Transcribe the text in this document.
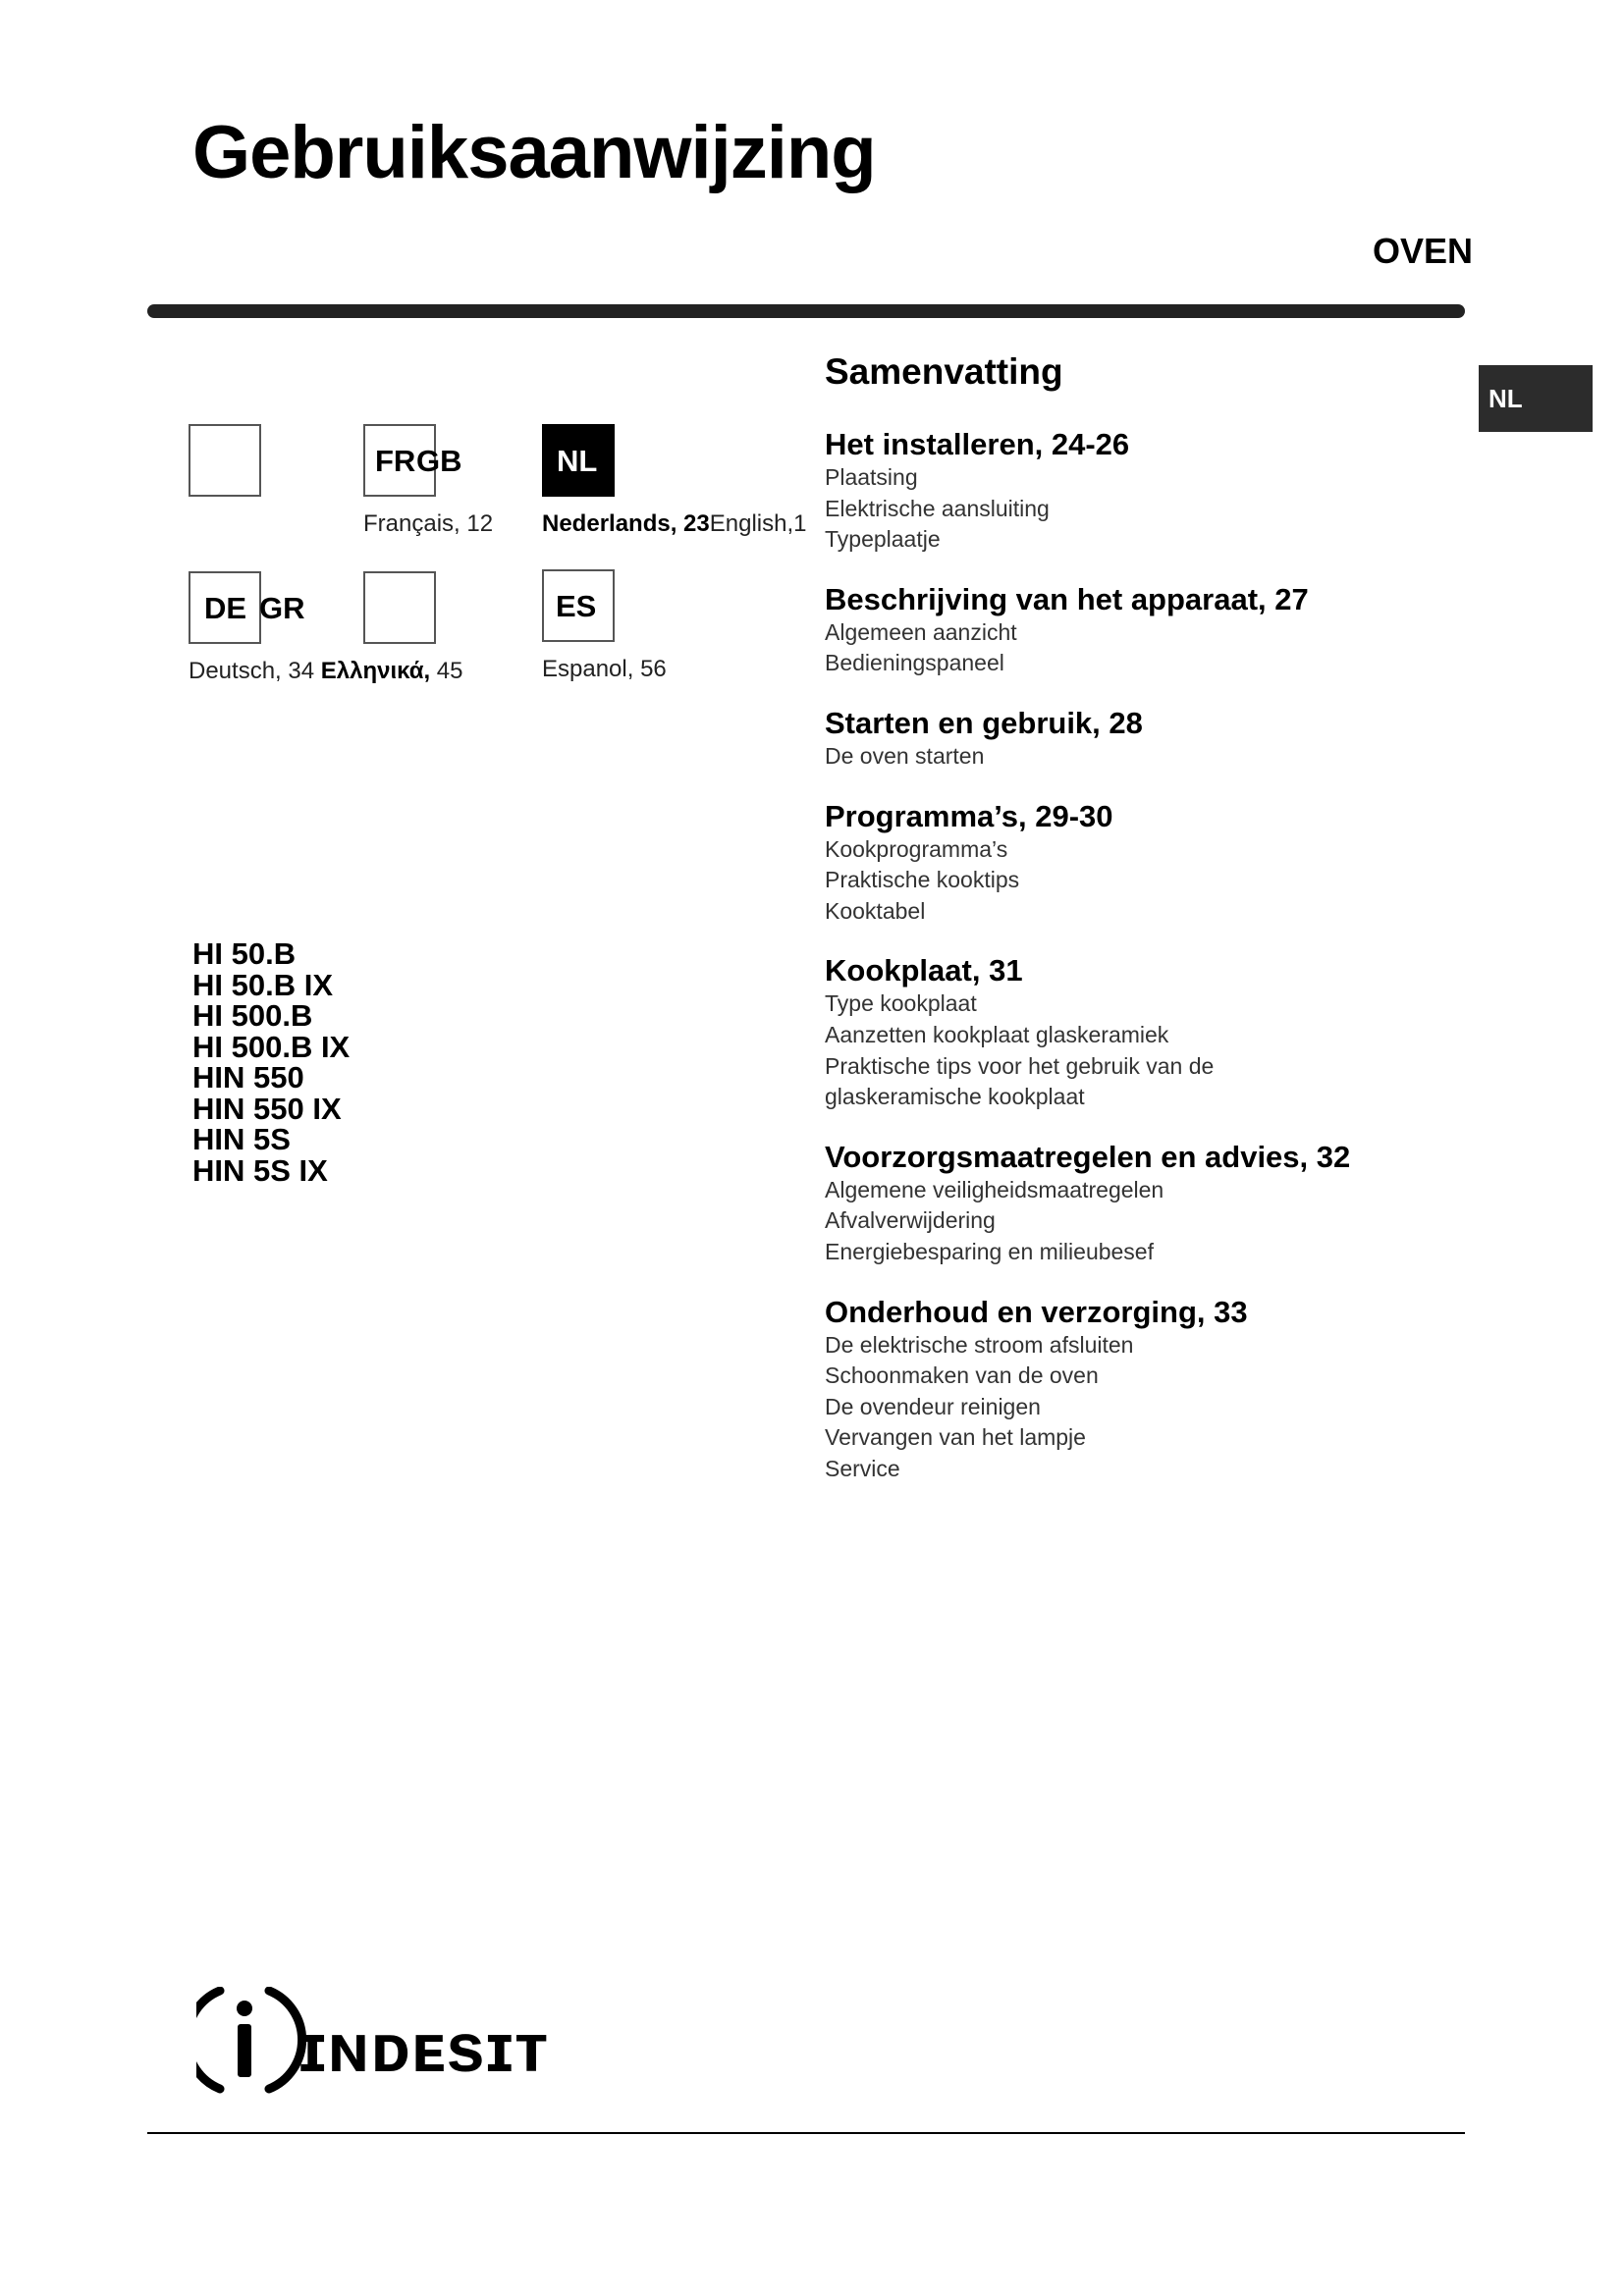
Gebruiksaanwijzing
OVEN
NL
FR GB	NL
Français, 12 Nederlands, 23English,1
DE GR	ES
Deutsch, 34 Ελληνικά, 45	Espanol, 56
HI 50.B
HI 50.B IX
HI 500.B
HI 500.B IX
HIN 550
HIN 550 IX
HIN 5S
HIN 5S IX
Samenvatting
Het installeren, 24-26
Plaatsing
Elektrische aansluiting
Typeplaatje
Beschrijving van het apparaat, 27
Algemeen aanzicht
Bedieningspaneel
Starten en gebruik, 28
De oven starten
Programma’s, 29-30
Kookprogramma’s
Praktische kooktips
Kooktabel
Kookplaat, 31
Type kookplaat
Aanzetten kookplaat glaskeramiek
Praktische tips voor het gebruik van de
glaskeramische kookplaat
Voorzorgsmaatregelen en advies, 32
Algemene veiligheidsmaatregelen
Afvalverwijdering
Energiebesparing en milieubesef
Onderhoud en verzorging, 33
De elektrische stroom afsluiten
Schoonmaken van de oven
De ovendeur reinigen
Vervangen van het lampje
Service
ɪɴᴅᴇsɪᴛ
